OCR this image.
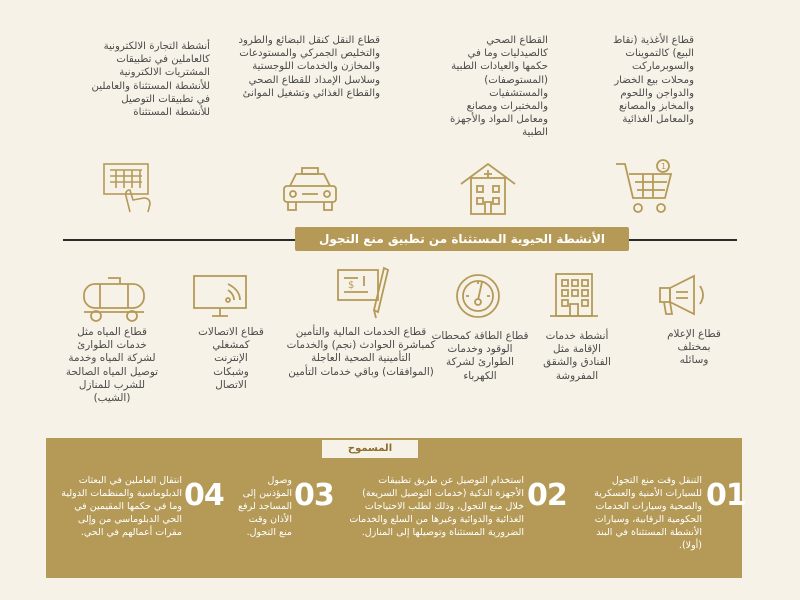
قطاع الأغذية (نقاط البيع) كالتموينات والسوبرماركت ومحلات بيع الخضار والدواجن واللحوم والمخابز والمصانع والمعامل الغذائية
1
القطاع الصحي كالصيدليات وما في حكمها والعيادات الطبية (المستوصفات) والمستشفيات والمختبرات ومصانع ومعامل المواد والأجهزة الطبية
قطاع النقل كنقل البضائع والطرود والتخليص الجمركي والمستودعات والمخازن والخدمات اللوجستية وسلاسل الإمداد للقطاع الصحي والقطاع الغذائي وتشغيل الموانئ
أنشطة التجارة الالكترونية كالعاملين في تطبيقات المشتريات الالكترونية للأنشطة المستثناة والعاملين في تطبيقات التوصيل للأنشطة المستثناة
الأنشطة الحيوية المستثناة من تطبيق منع التجول
قطاع الإعلام بمختلف وسائله
أنشطة خدمات الإقامة مثل الفنادق والشقق المفروشة
قطاع الطاقة كمحطات الوقود وخدمات الطوارئ لشركة الكهرباء
$
قطاع الخدمات المالية والتأمين كمباشرة الحوادث (نجم) والخدمات التأمينية الصحية العاجلة (الموافقات) وباقي خدمات التأمين
قطاع الاتصالات كمشغلي الإنترنت وشبكات الاتصال
قطاع المياه مثل خدمات الطوارئ لشركة المياه وخدمة توصيل المياه الصالحة للشرب للمنازل (الشيب)
المسموح
01
التنقل وقت منع التجول للسيارات الأمنية والعسكرية والصحية وسيارات الخدمات الحكومية الرقابية، وسيارات الأنشطة المستثناة في البند (أولا).
02
استخدام التوصيل عن طريق تطبيقات الأجهزة الذكية (خدمات التوصيل السريعة) خلال منع التجول، وذلك لطلب الاحتياجات الغذائية والدوائية وغيرها من السلع والخدمات الضرورية المستثناة وتوصيلها إلى المنازل.
03
وصول المؤذنين إلى المساجد لرفع الأذان وقت منع التجول.
04
انتقال العاملين في البعثات الدبلوماسية والمنظمات الدولية وما في حكمها المقيمين في الحي الدبلوماسي من وإلى مقرات أعمالهم في الحي.
